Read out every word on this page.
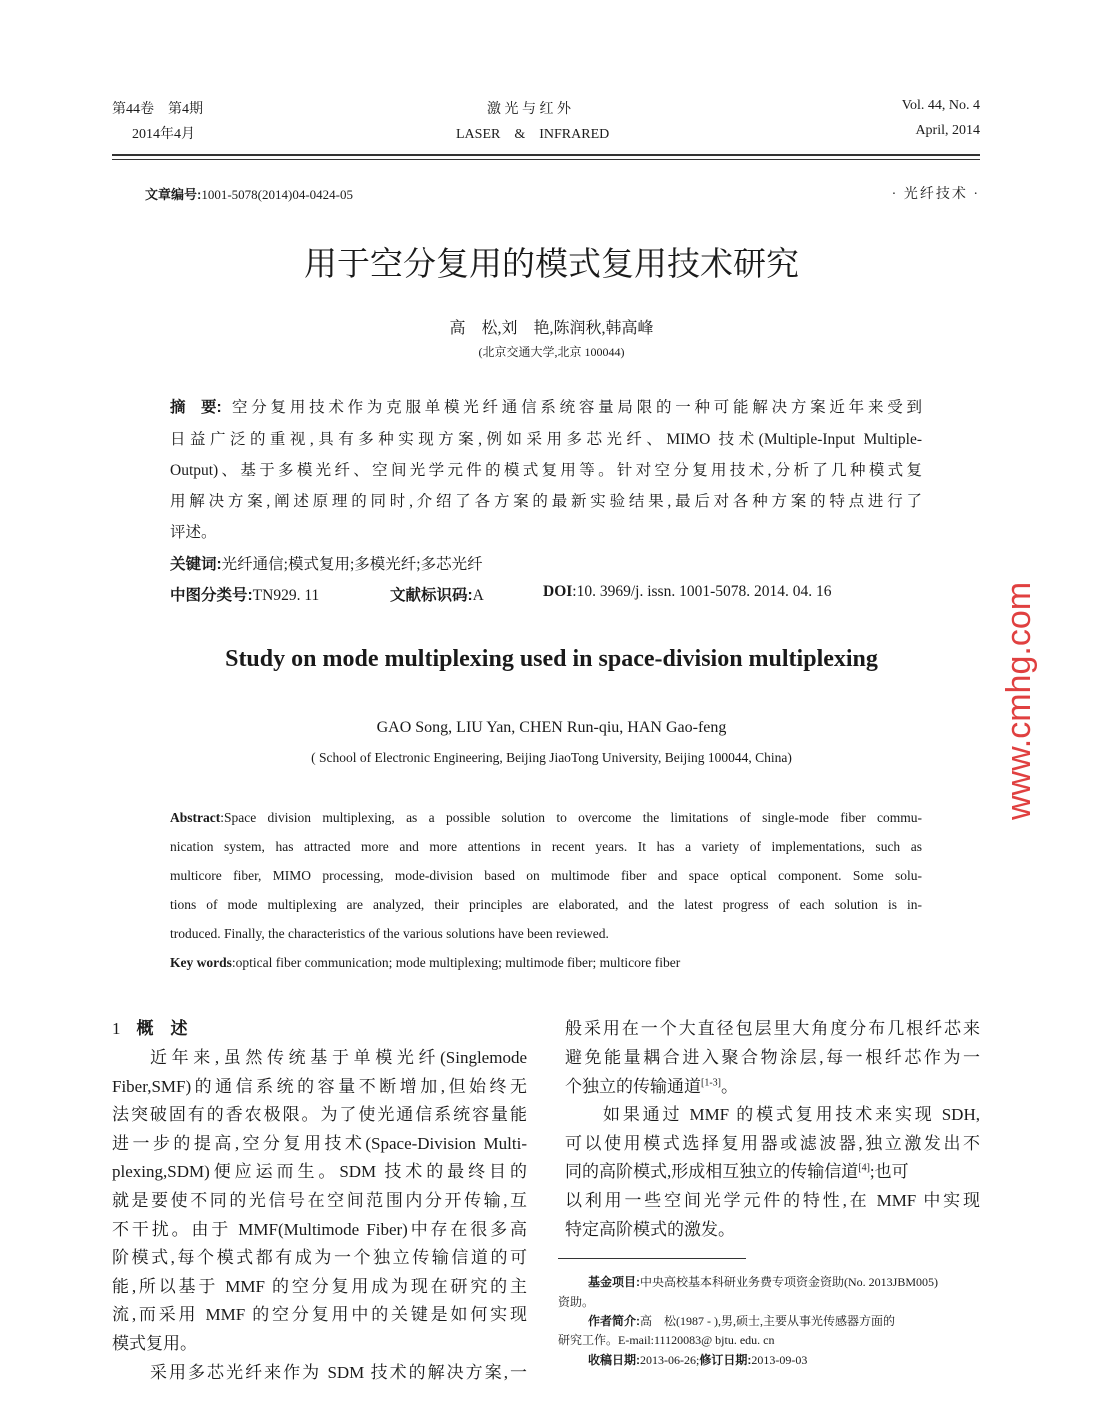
第44卷　第4期
2014年4月
激 光 与 红 外
LASER　&　INFRARED
Vol. 44, No. 4
April, 2014
文章编号:1001-5078(2014)04-0424-05	· 光纤技术 ·
用于空分复用的模式复用技术研究
高　松,刘　艳,陈润秋,韩高峰
(北京交通大学,北京 100044)
摘　要: 空分复用技术作为克服单模光纤通信系统容量局限的一种可能解决方案近年来受到
日益广泛的重视,具有多种实现方案,例如采用多芯光纤、MIMO 技术(Multiple-Input Multiple-
Output)、基于多模光纤、空间光学元件的模式复用等。针对空分复用技术,分析了几种模式复
用解决方案,阐述原理的同时,介绍了各方案的最新实验结果,最后对各种方案的特点进行了
评述。
关键词:光纤通信;模式复用;多模光纤;多芯光纤
中图分类号:TN929. 11	文献标识码:A	DOI:10. 3969/j. issn. 1001-5078. 2014. 04. 16
Study on mode multiplexing used in space-division multiplexing
GAO Song, LIU Yan, CHEN Run-qiu, HAN Gao-feng
( School of Electronic Engineering, Beijing JiaoTong University, Beijing 100044, China)
Abstract:Space division multiplexing, as a possible solution to overcome the limitations of single-mode fiber commu-
nication system, has attracted more and more attentions in recent years. It has a variety of implementations, such as
multicore fiber, MIMO processing, mode-division based on multimode fiber and space optical component. Some solu-
tions of mode multiplexing are analyzed, their principles are elaborated, and the latest progress of each solution is in-
troduced. Finally, the characteristics of the various solutions have been reviewed.
Key words:optical fiber communication; mode multiplexing; multimode fiber; multicore fiber
1 概　述
近年来,虽然传统基于单模光纤(Singlemode
Fiber,SMF)的通信系统的容量不断增加,但始终无
法突破固有的香农极限。为了使光通信系统容量能
进一步的提高,空分复用技术(Space-Division Multi-
plexing,SDM)便应运而生。SDM 技术的最终目的
就是要使不同的光信号在空间范围内分开传输,互
不干扰。由于 MMF(Multimode Fiber)中存在很多高
阶模式,每个模式都有成为一个独立传输信道的可
能,所以基于 MMF 的空分复用成为现在研究的主
流,而采用 MMF 的空分复用中的关键是如何实现
模式复用。
采用多芯光纤来作为 SDM 技术的解决方案,一
般采用在一个大直径包层里大角度分布几根纤芯来
避免能量耦合进入聚合物涂层,每一根纤芯作为一
个独立的传输通道[1-3]。
如果通过 MMF 的模式复用技术来实现 SDH,
可以使用模式选择复用器或滤波器,独立激发出不
同的高阶模式,形成相互独立的传输信道[4];也可
以利用一些空间光学元件的特性,在 MMF 中实现
特定高阶模式的激发。
基金项目:中央高校基本科研业务费专项资金资助(No. 2013JBM005)
资助。
作者简介:高　松(1987 - ),男,硕士,主要从事光传感器方面的
研究工作。E-mail:11120083@ bjtu. edu. cn
收稿日期:2013-06-26;修订日期:2013-09-03
www.cmhg.com
